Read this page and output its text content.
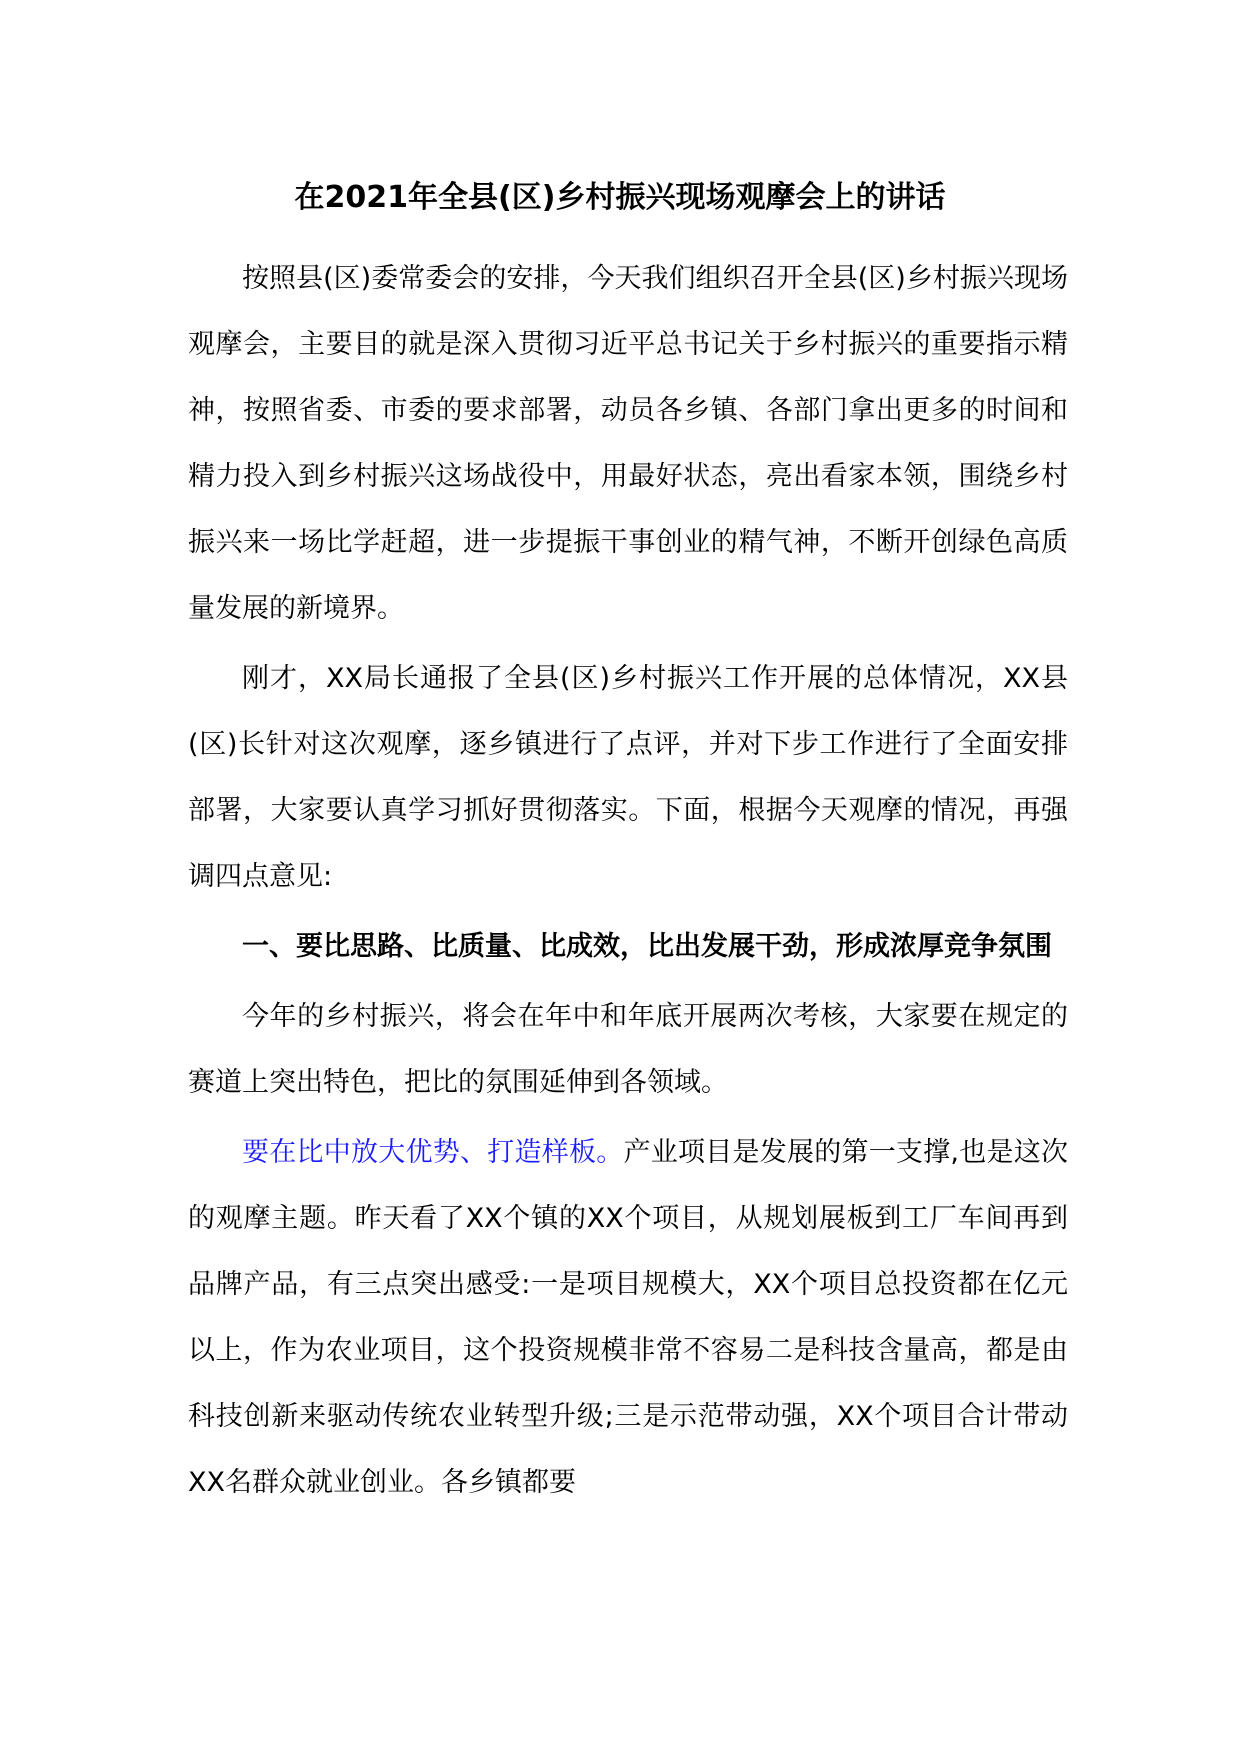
在2021年全县(区)乡村振兴现场观摩会上的讲话

按照县(区)委常委会的安排，今天我们组织召开全县(区)乡村振兴现场观摩会，主要目的就是深入贯彻习近平总书记关于乡村振兴的重要指示精神，按照省委、市委的要求部署，动员各乡镇、各部门拿出更多的时间和精力投入到乡村振兴这场战役中，用最好状态，亮出看家本领，围绕乡村振兴来一场比学赶超，进一步提振干事创业的精气神，不断开创绿色高质量发展的新境界。

刚才，XX局长通报了全县(区)乡村振兴工作开展的总体情况，XX县(区)长针对这次观摩，逐乡镇进行了点评，并对下步工作进行了全面安排部署，大家要认真学习抓好贯彻落实。下面，根据今天观摩的情况，再强调四点意见:

一、要比思路、比质量、比成效，比出发展干劲，形成浓厚竞争氛围

今年的乡村振兴，将会在年中和年底开展两次考核，大家要在规定的赛道上突出特色，把比的氛围延伸到各领域。

要在比中放大优势、打造样板。产业项目是发展的第一支撑,也是这次的观摩主题。昨天看了XX个镇的XX个项目，从规划展板到工厂车间再到品牌产品，有三点突出感受:一是项目规模大，XX个项目总投资都在亿元以上，作为农业项目，这个投资规模非常不容易二是科技含量高，都是由科技创新来驱动传统农业转型升级;三是示范带动强，XX个项目合计带动XX名群众就业创业。各乡镇都要
